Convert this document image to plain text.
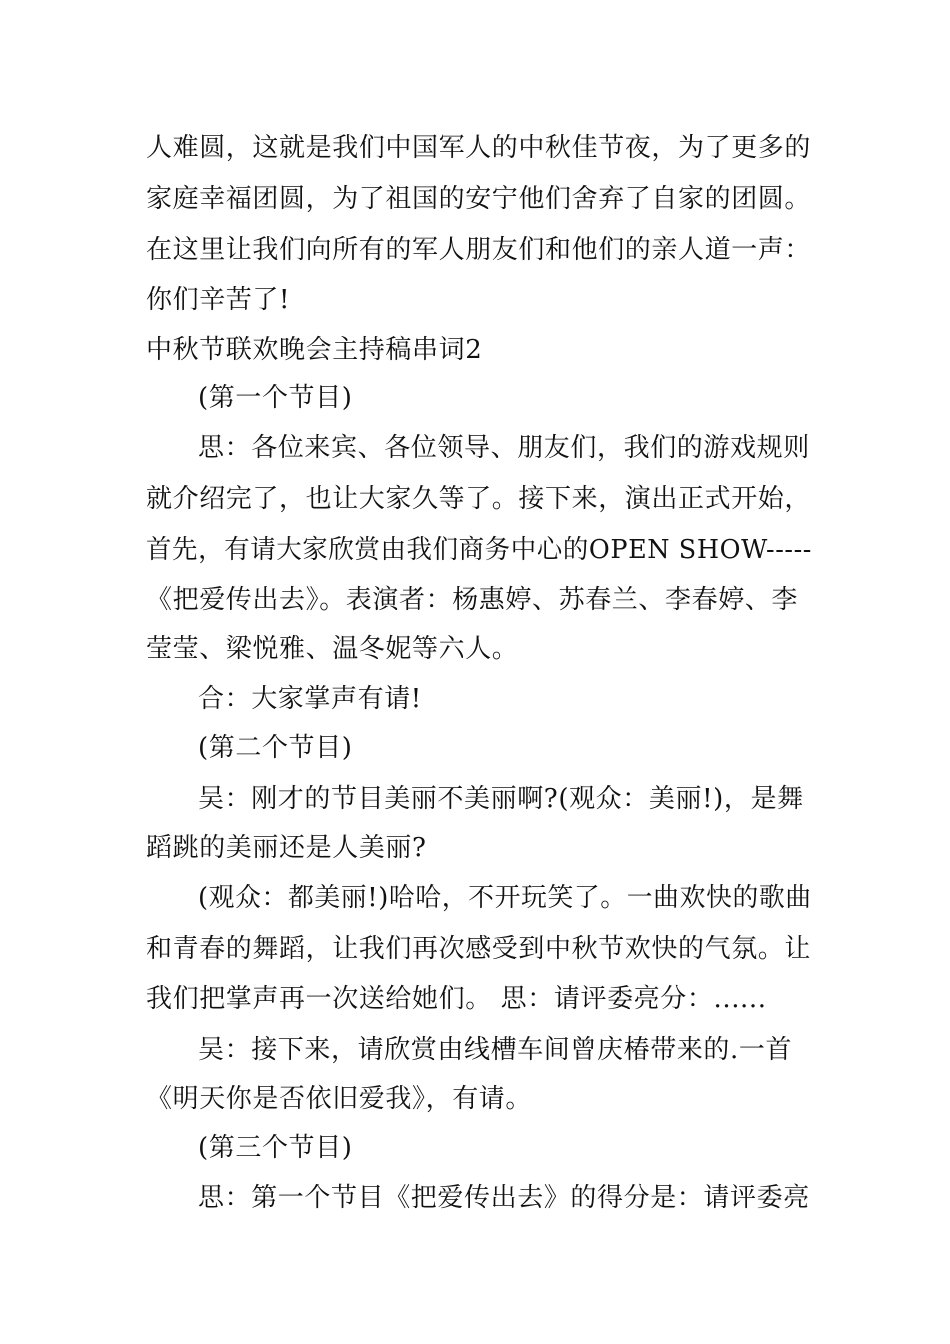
人难圆，这就是我们中国军人的中秋佳节夜，为了更多的
家庭幸福团圆，为了祖国的安宁他们舍弃了自家的团圆。
在这里让我们向所有的军人朋友们和他们的亲人道一声：
你们辛苦了!
中秋节联欢晚会主持稿串词2
(第一个节目)
思：各位来宾、各位领导、朋友们，我们的游戏规则
就介绍完了，也让大家久等了。接下来，演出正式开始，
首先，有请大家欣赏由我们商务中心的OPEN SHOW-----
《把爱传出去》。表演者：杨惠婷、苏春兰、李春婷、李
莹莹、梁悦雅、温冬妮等六人。
合：大家掌声有请!
(第二个节目)
吴：刚才的节目美丽不美丽啊?(观众：美丽!)，是舞
蹈跳的美丽还是人美丽?
(观众：都美丽!)哈哈，不开玩笑了。一曲欢快的歌曲
和青春的舞蹈，让我们再次感受到中秋节欢快的气氛。让
我们把掌声再一次送给她们。 思：请评委亮分：......
吴：接下来，请欣赏由线槽车间曾庆椿带来的.一首
《明天你是否依旧爱我》，有请。
(第三个节目)
思：第一个节目《把爱传出去》的得分是：请评委亮
